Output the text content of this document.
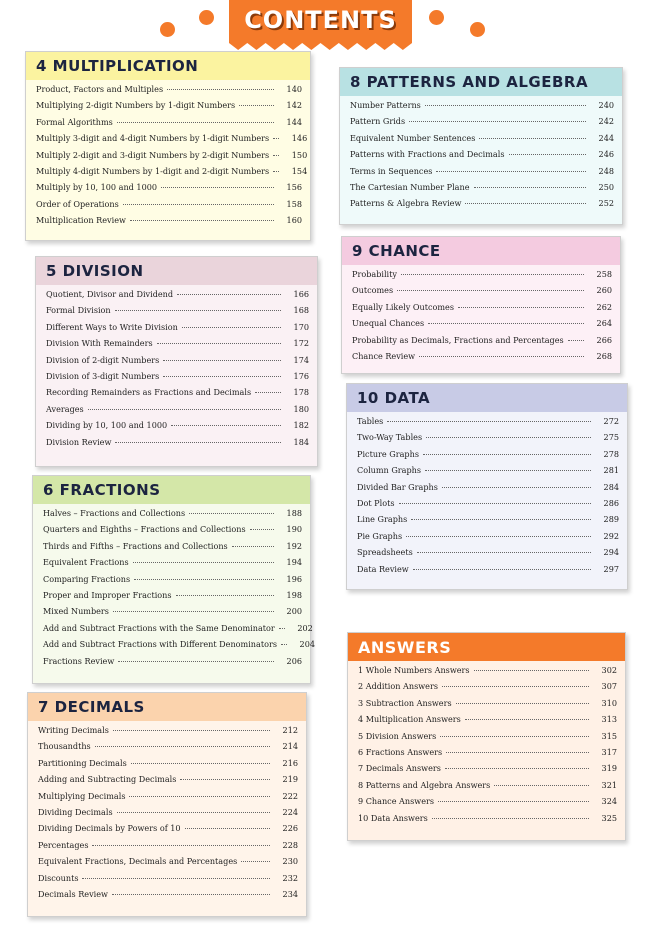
CONTENTS
4 MULTIPLICATION
Product, Factors and Multiples	140
Multiplying 2-digit Numbers by 1-digit Numbers	142
Formal Algorithms	144
Multiply 3-digit and 4-digit Numbers by 1-digit Numbers	146
Multiply 2-digit and 3-digit Numbers by 2-digit Numbers	150
Multiply 4-digit Numbers by 1-digit and 2-digit Numbers	154
Multiply by 10, 100 and 1000	156
Order of Operations	158
Multiplication Review	160
5 DIVISION
Quotient, Divisor and Dividend	166
Formal Division	168
Different Ways to Write Division	170
Division With Remainders	172
Division of 2-digit Numbers	174
Division of 3-digit Numbers	176
Recording Remainders as Fractions and Decimals	178
Averages	180
Dividing by 10, 100 and 1000	182
Division Review	184
6 FRACTIONS
Halves – Fractions and Collections	188
Quarters and Eighths – Fractions and Collections	190
Thirds and Fifths – Fractions and Collections	192
Equivalent Fractions	194
Comparing Fractions	196
Proper and Improper Fractions	198
Mixed Numbers	200
Add and Subtract Fractions with the Same Denominator	202
Add and Subtract Fractions with Different Denominators	204
Fractions Review	206
7 DECIMALS
Writing Decimals	212
Thousandths	214
Partitioning Decimals	216
Adding and Subtracting Decimals	219
Multiplying Decimals	222
Dividing Decimals	224
Dividing Decimals by Powers of 10	226
Percentages	228
Equivalent Fractions, Decimals and Percentages	230
Discounts	232
Decimals Review	234
8 PATTERNS AND ALGEBRA
Number Patterns	240
Pattern Grids	242
Equivalent Number Sentences	244
Patterns with Fractions and Decimals	246
Terms in Sequences	248
The Cartesian Number Plane	250
Patterns & Algebra Review	252
9 CHANCE
Probability	258
Outcomes	260
Equally Likely Outcomes	262
Unequal Chances	264
Probability as Decimals, Fractions and Percentages	266
Chance Review	268
10 DATA
Tables	272
Two-Way Tables	275
Picture Graphs	278
Column Graphs	281
Divided Bar Graphs	284
Dot Plots	286
Line Graphs	289
Pie Graphs	292
Spreadsheets	294
Data Review	297
ANSWERS
1 Whole Numbers Answers	302
2 Addition Answers	307
3 Subtraction Answers	310
4 Multiplication Answers	313
5 Division Answers	315
6 Fractions Answers	317
7 Decimals Answers	319
8 Patterns and Algebra Answers	321
9 Chance Answers	324
10 Data Answers	325
